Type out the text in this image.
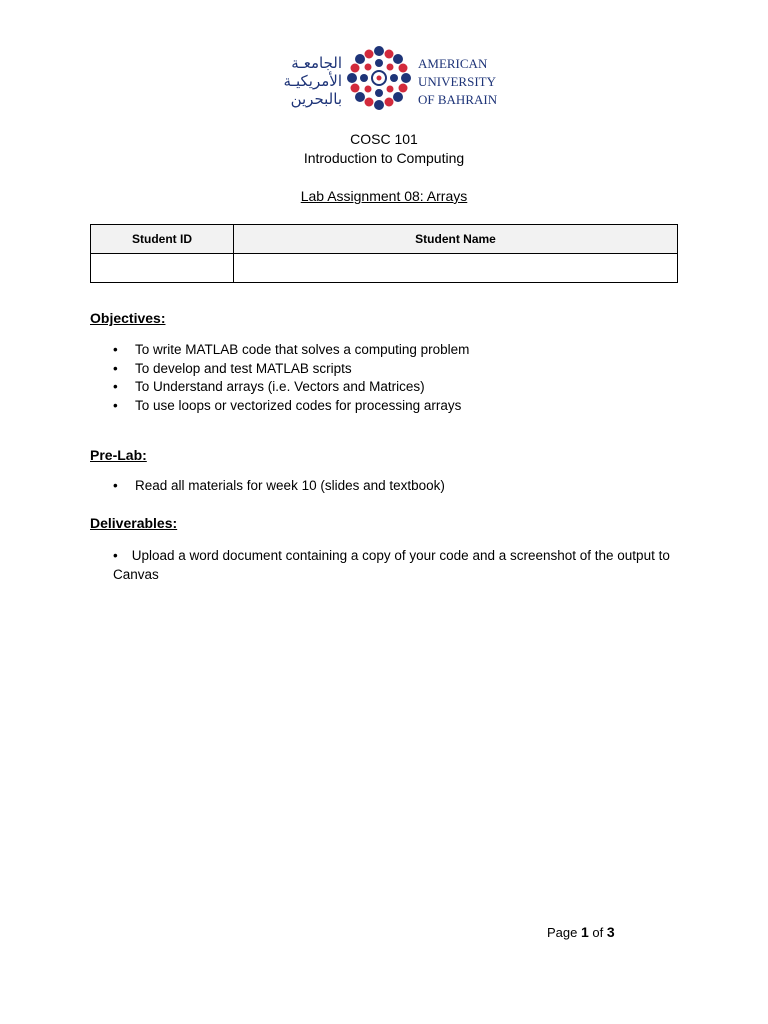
الجامعـة
الأمريكيـة
بالبحرين
AMERICAN
UNIVERSITY
OF BAHRAIN
COSC 101
Introduction to Computing
Lab Assignment 08: Arrays
Student ID	Student Name

Objectives:
• To write MATLAB code that solves a computing problem
• To develop and test MATLAB scripts
• To Understand arrays (i.e. Vectors and Matrices)
• To use loops or vectorized codes for processing arrays
Pre-Lab:
• Read all materials for week 10 (slides and textbook)
Deliverables:
• Upload a word document containing a copy of your code and a screenshot of the output to Canvas
Page 1 of 3
